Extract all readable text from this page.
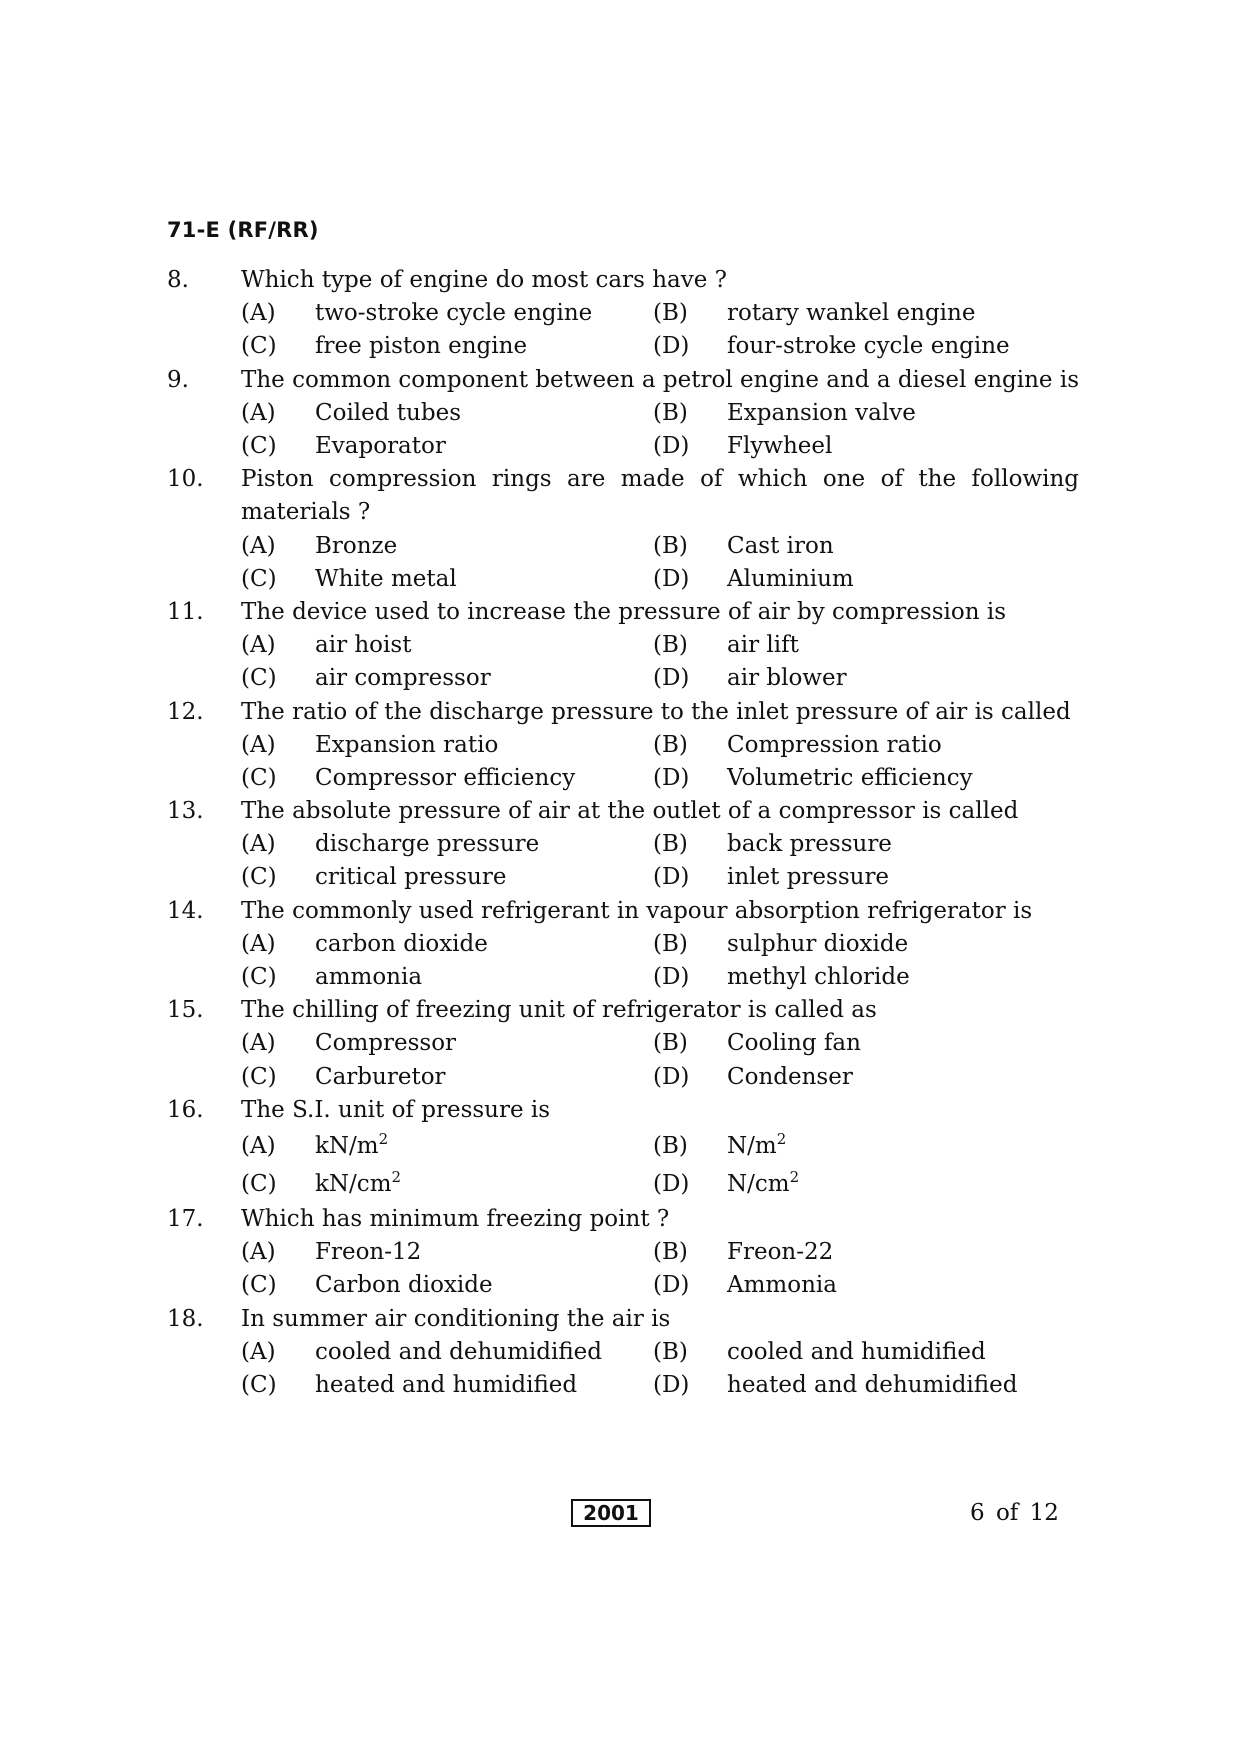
71-E (RF/RR)
8. Which type of engine do most cars have ?
(A) two-stroke cycle engine	(B) rotary wankel engine
(C) free piston engine	(D) four-stroke cycle engine
9. The common component between a petrol engine and a diesel engine is
(A) Coiled tubes	(B) Expansion valve
(C) Evaporator	(D) Flywheel
10. Piston compression rings are made of which one of the following materials ?
(A) Bronze	(B) Cast iron
(C) White metal	(D) Aluminium
11. The device used to increase the pressure of air by compression is
(A) air hoist	(B) air lift
(C) air compressor	(D) air blower
12. The ratio of the discharge pressure to the inlet pressure of air is called
(A) Expansion ratio	(B) Compression ratio
(C) Compressor efficiency	(D) Volumetric efficiency
13. The absolute pressure of air at the outlet of a compressor is called
(A) discharge pressure	(B) back pressure
(C) critical pressure	(D) inlet pressure
14. The commonly used refrigerant in vapour absorption refrigerator is
(A) carbon dioxide	(B) sulphur dioxide
(C) ammonia	(D) methyl chloride
15. The chilling of freezing unit of refrigerator is called as
(A) Compressor	(B) Cooling fan
(C) Carburetor	(D) Condenser
16. The S.I. unit of pressure is
(A) $kN/m^2$	(B) $N/m^2$
(C) $kN/cm^2$	(D) $N/cm^2$
17. Which has minimum freezing point ?
(A) Freon-12	(B) Freon-22
(C) Carbon dioxide	(D) Ammonia
18. In summer air conditioning the air is
(A) cooled and dehumidified (B) cooled and humidified
(C) heated and humidified	(D) heated and dehumidified
2001	6 of 12
